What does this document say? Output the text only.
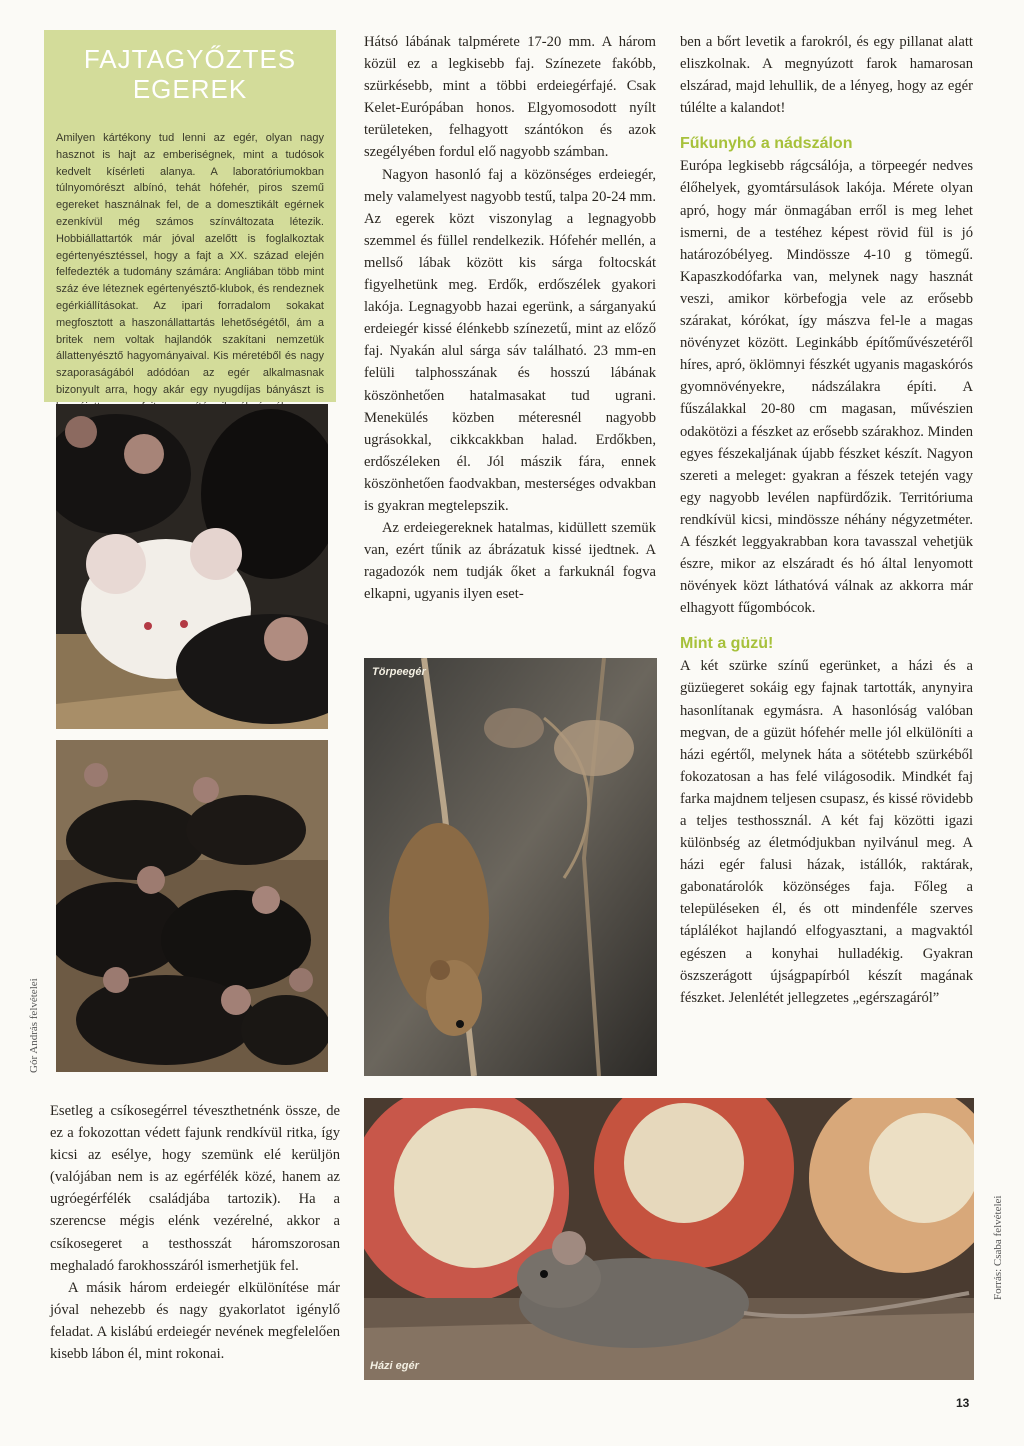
FAJTAGYŐZTES
EGEREK

Amilyen kártékony tud lenni az egér, olyan nagy hasznot is hajt az emberiségnek, mint a tudósok kedvelt kísérleti alanya. A laboratóriumokban túlnyomórészt albínó, tehát hófehér, piros szemű egereket használnak fel, de a domesztikált egérnek ezenkívül még számos színváltozata létezik. Hobbiállattartók már jóval azelőtt is foglalkoztak egértenyésztéssel, hogy a fajt a XX. század elején felfedezték a tudomány számára: Angliában több mint száz éve léteznek egértenyésztő-klubok, és rendeznek egérkiállításokat. Az ipari forradalom sokakat megfosztott a haszonállattartás lehetőségétől, ám a britek nem voltak hajlandók szakítani nemzetük állattenyésztő hagyományaival. Kis méretéből és nagy szaporaságából adódóan az egér alkalmasnak bizonyult arra, hogy akár egy nyugdíjas bányászt is

Gór András felvételei

Esetleg a csíkosegérrel téveszthetnénk össze, de ez a fokozottan védett fajunk rendkívül ritka, így kicsi az esélye, hogy szemünk elé kerüljön (valójában nem is az egérfélék közé, hanem az ugróegérfélék családjába tartozik). Ha a szerencse mégis elénk vezérelné, akkor a csíkosegeret a testhosszát háromszorosan meghaladó farokhosszáról ismerhetjük fel.

A másik három erdeiegér elkülönítése már jóval nehezebb és nagy gyakorlatot igénylő feladat. A kislábú erdeiegér nevének megfelelően kisebb lábon él, mint rokonai.

Hátsó lábának talpmérete 17-20 mm. A három közül ez a legkisebb faj. Színezete fakóbb, szürkésebb, mint a többi erdeiegérfajé. Csak Kelet-Európában honos. Elgyomosodott nyílt területeken, felhagyott szántókon és azok szegélyében fordul elő nagyobb számban.

Nagyon hasonló faj a közönséges erdeiegér, mely valamelyest nagyobb testű, talpa 20-24 mm. Az egerek közt viszonylag a legnagyobb szemmel és füllel rendelkezik. Hófehér mellén, a mellső lábak között kis sárga foltocskát figyelhetünk meg. Erdők, erdőszélek gyakori lakója. Legnagyobb hazai egerünk, a sárganyakú erdeiegér kissé élénkebb színezetű, mint az előző faj. Nyakán alul sárga sáv található. 23 mm-en felüli talphosszának és hosszú lábának köszönhetően hatalmasakat tud ugrani. Menekülés közben méteresnél nagyobb ugrásokkal, cikkcakkban halad. Erdőkben, erdőszéleken él. Jól mászik fára, ennek köszönhetően faodvakban, mesterséges odvakban is gyakran megtelepszik.

Az erdeiegereknek hatalmas, kidüllett szemük van, ezért tűnik az ábrázatuk kissé ijedtnek. A ragadozók nem tudják őket a farkuknál fogva elkapni, ugyanis ilyen eset-

Törpeegér

ben a bőrt levetik a farokról, és egy pillanat alatt eliszkolnak. A megnyúzott farok hamarosan elszárad, majd lehullik, de a lényeg, hogy az egér túlélte a kalandot!

Fűkunyhó a nádszálon

Európa legkisebb rágcsálója, a törpeegér nedves élőhelyek, gyomtársulások lakója. Mérete olyan apró, hogy már önmagában erről is meg lehet ismerni, de a testéhez képest rövid fül is jó határozóbélyeg. Mindössze 4-10 g tömegű. Kapaszkodófarka van, melynek nagy hasznát veszi, amikor körbefogja vele az erősebb szárakat, kórókat, így mászva fel-le a magas növényzet között. Leginkább építőművészetéről híres, apró, öklömnyi fészkét ugyanis magaskórós gyomnövényekre, nádszálakra építi. A fűszálakkal 20-80 cm magasan, művészien odakötözi a fészket az erősebb szárakhoz. Minden egyes fészekaljának újabb fészket készít. Nagyon szereti a meleget: gyakran a fészek tetején vagy egy nagyobb levélen napfürdőzik. Territóriuma rendkívül kicsi, mindössze néhány négyzetméter. A fészkét leggyakrabban kora tavasszal vehetjük észre, mikor az elszáradt és hó által lenyomott növények közt láthatóvá válnak az akkorra már elhagyott fűgombócok.

Mint a güzü!

A két szürke színű egerünket, a házi és a güzüegeret sokáig egy fajnak tartották, anynyira hasonlítanak egymásra. A hasonlóság valóban megvan, de a güzüt hófehér melle jól elkülöníti a házi egértől, melynek háta a sötétebb szürkéből fokozatosan a has felé világosodik. Mindkét faj farka majdnem teljesen csupasz, és kissé rövidebb a teljes testhossznál. A két faj közötti igazi különbség az életmódjukban nyilvánul meg. A házi egér falusi házak, istállók, raktárak, gabonatárolók közönséges faja. Főleg a településeken él, és ott mindenféle szerves táplálékot hajlandó elfogyasztani, a magvaktól egészen a konyhai hulladékig. Gyakran öszszerágott újságpapírból készít magának fészket. Jelenlétét jellegzetes „egérszagáról”

Házi egér
Forrás: Csaba felvételei
13
